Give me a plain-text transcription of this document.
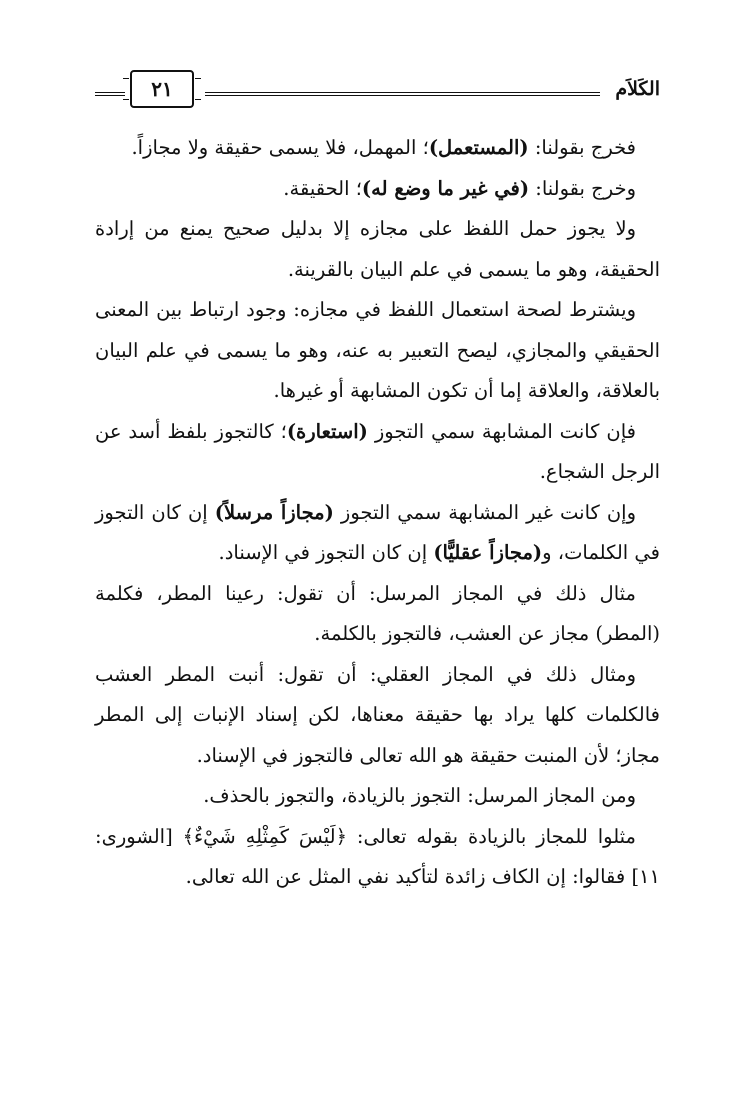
الكَلاَم
٢١

فخرج بقولنا: (المستعمل)؛ المهمل، فلا يسمى حقيقة ولا مجازاً.

وخرج بقولنا: (في غير ما وضع له)؛ الحقيقة.

ولا يجوز حمل اللفظ على مجازه إلا بدليل صحيح يمنع من إرادة الحقيقة، وهو ما يسمى في علم البيان بالقرينة.

ويشترط لصحة استعمال اللفظ في مجازه: وجود ارتباط بين المعنى الحقيقي والمجازي، ليصح التعبير به عنه، وهو ما يسمى في علم البيان بالعلاقة، والعلاقة إما أن تكون المشابهة أو غيرها.

فإن كانت المشابهة سمي التجوز (استعارة)؛ كالتجوز بلفظ أسد عن الرجل الشجاع.

وإن كانت غير المشابهة سمي التجوز (مجازاً مرسلاً) إن كان التجوز في الكلمات، و(مجازاً عقليًّا) إن كان التجوز في الإسناد.

مثال ذلك في المجاز المرسل: أن تقول: رعينا المطر، فكلمة (المطر) مجاز عن العشب، فالتجوز بالكلمة.

ومثال ذلك في المجاز العقلي: أن تقول: أنبت المطر العشب فالكلمات كلها يراد بها حقيقة معناها، لكن إسناد الإنبات إلى المطر مجاز؛ لأن المنبت حقيقة هو الله تعالى فالتجوز في الإسناد.

ومن المجاز المرسل: التجوز بالزيادة، والتجوز بالحذف.

مثلوا للمجاز بالزيادة بقوله تعالى: ﴿لَيْسَ كَمِثْلِهِ شَيْءٌ﴾ [الشورى: ١١] فقالوا: إن الكاف زائدة لتأكيد نفي المثل عن الله تعالى.
